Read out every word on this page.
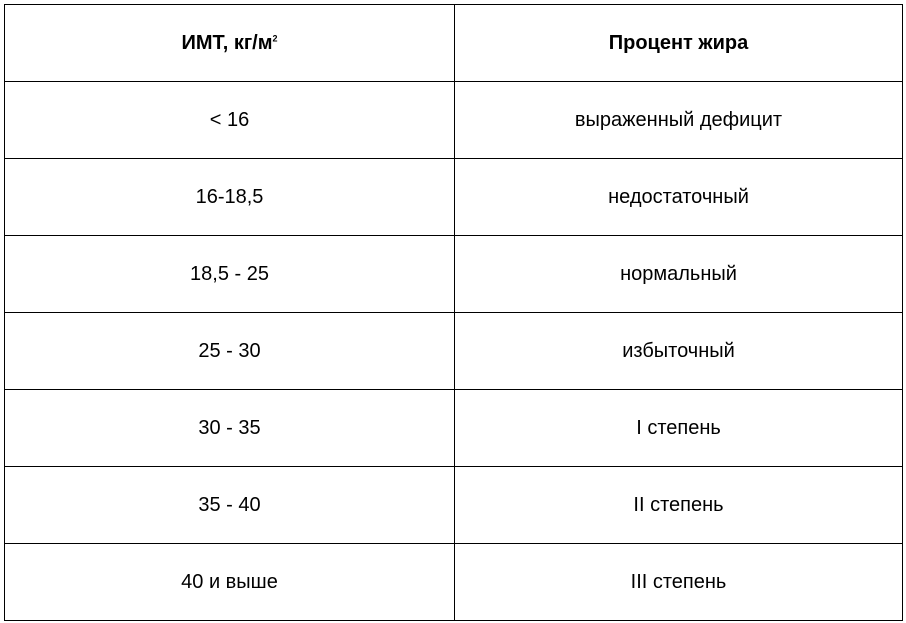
ИМТ, $кг/м^2$	Процент жира
< 16	выраженный дефицит
16-18,5	недостаточный
18,5 - 25	нормальный
25 - 30	избыточный
30 - 35	I степень
35 - 40	II степень
40 и выше	III степень
